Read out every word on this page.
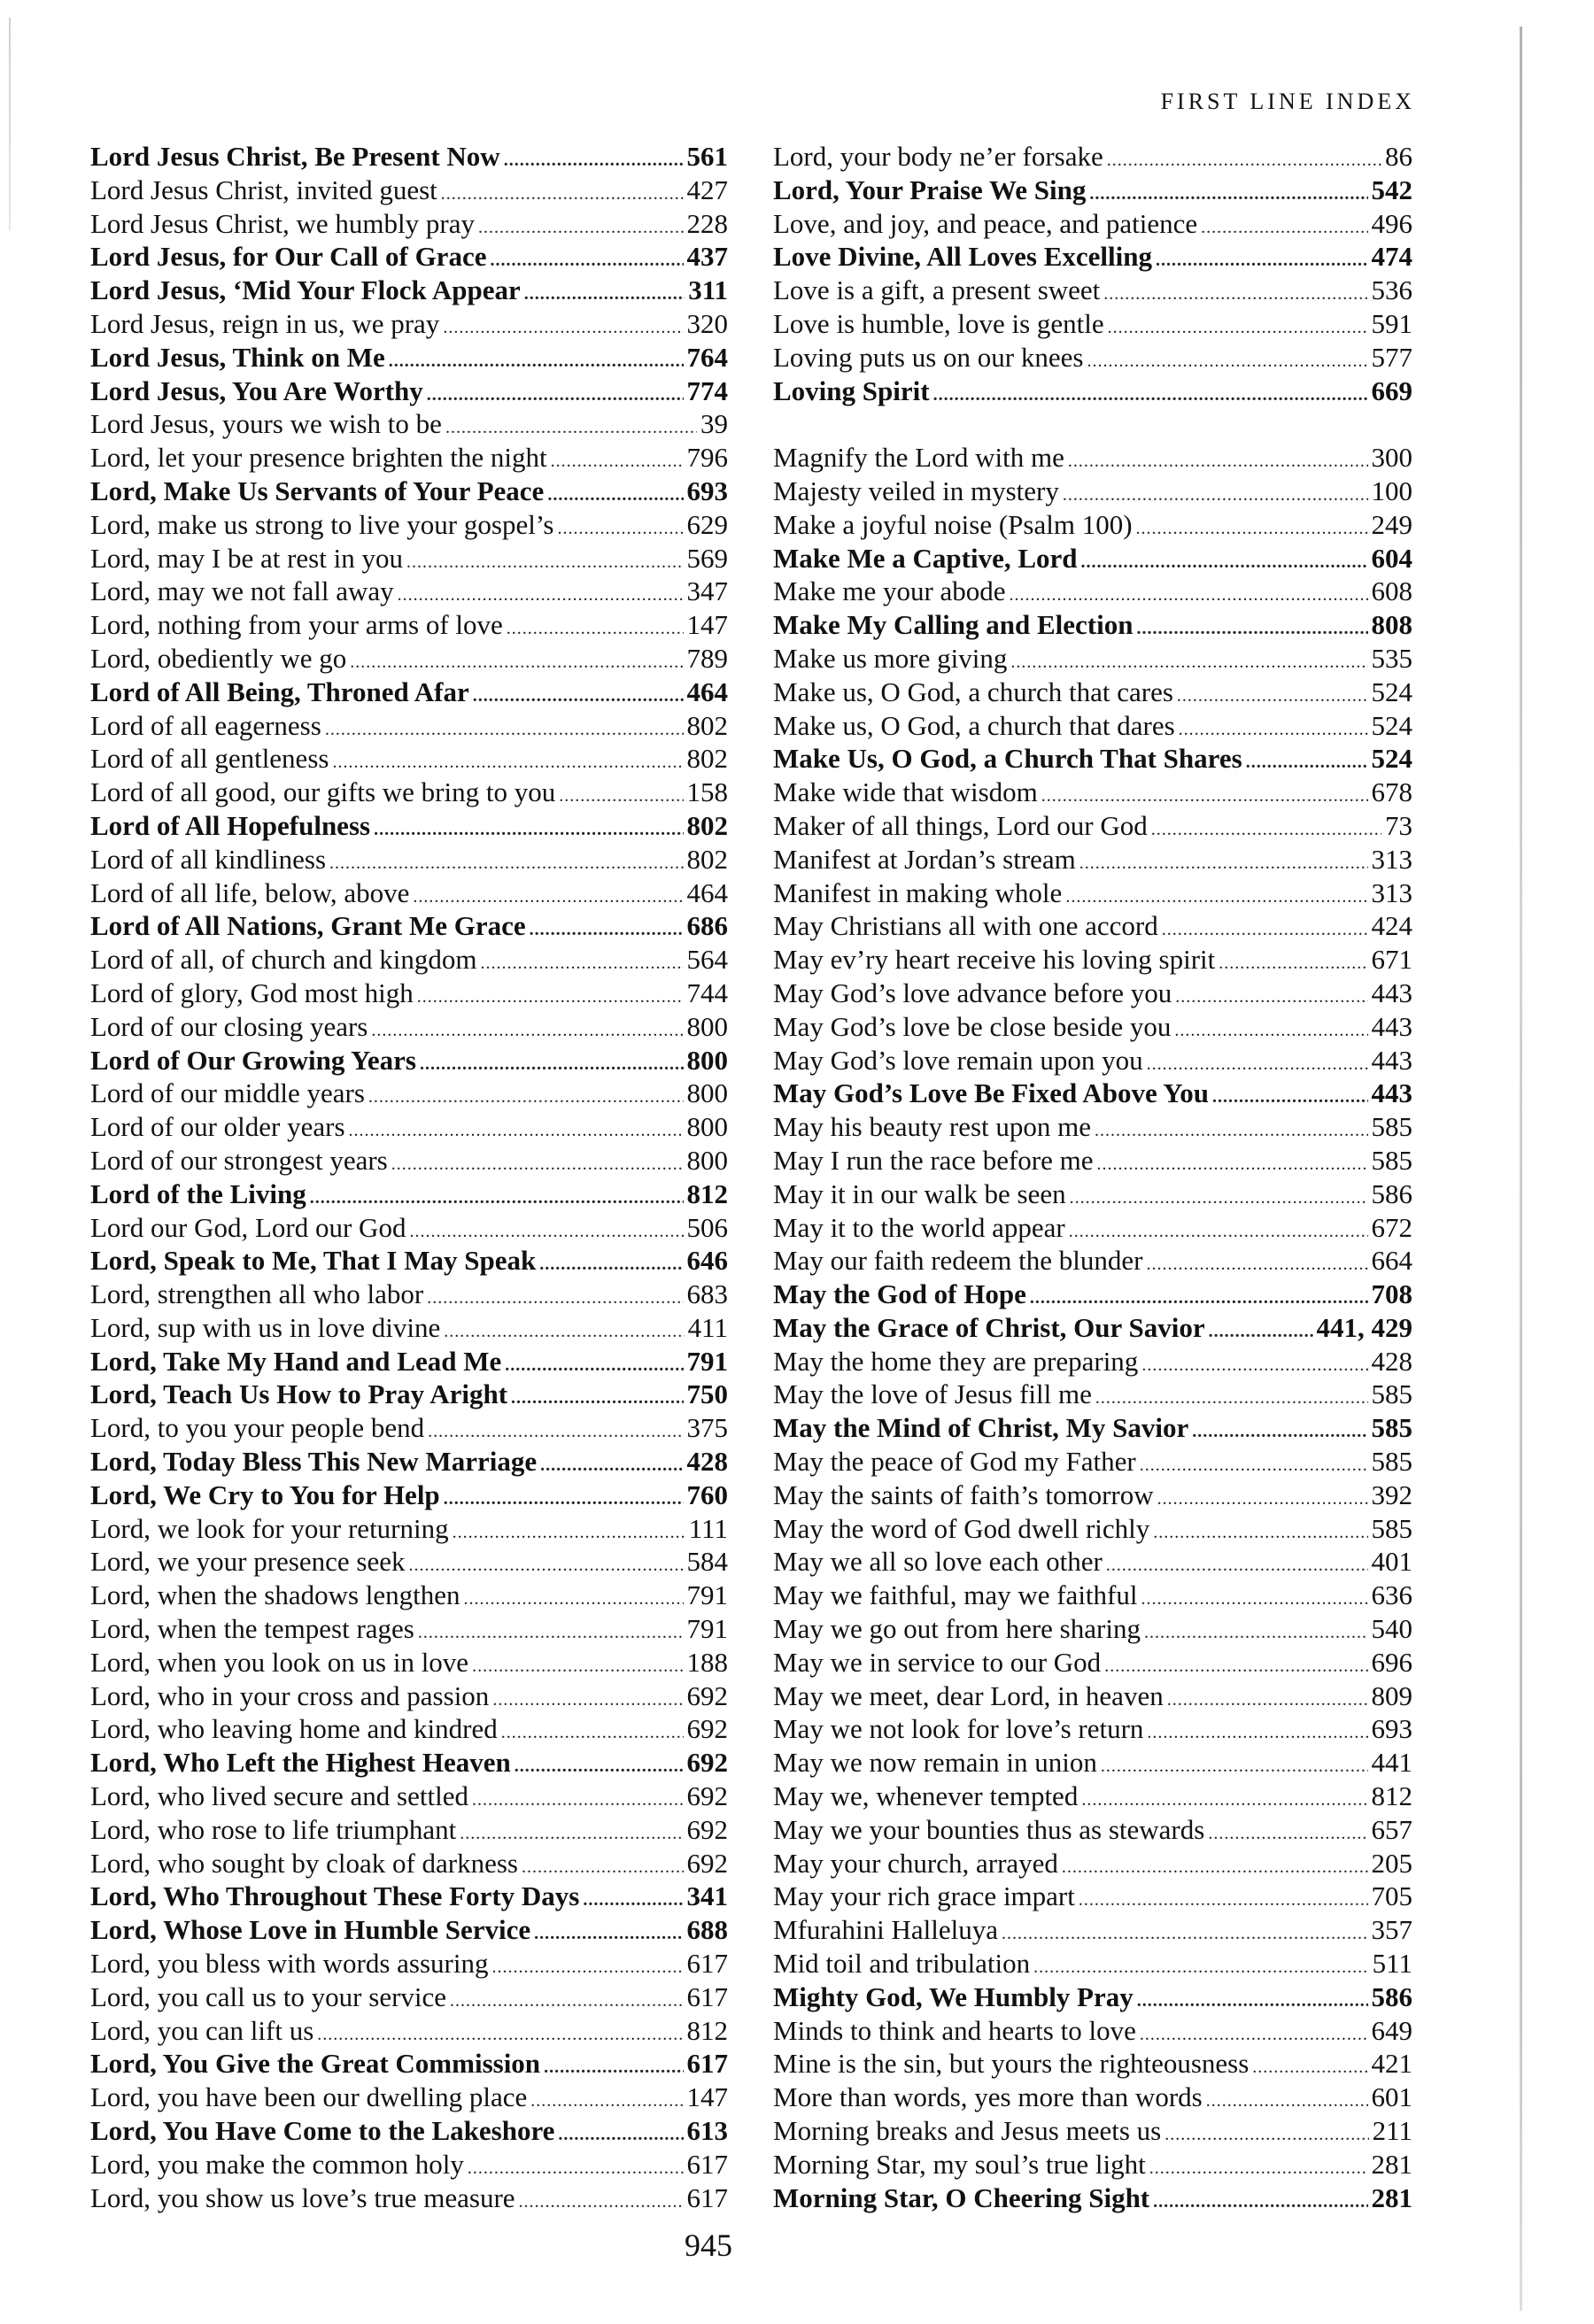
FIRST LINE INDEX
Lord Jesus Christ, Be Present Now .....	561
Lord Jesus Christ, invited guest .....	427
Lord Jesus Christ, we humbly pray .....	228
Lord Jesus, for Our Call of Grace .....	437
Lord Jesus, ‘Mid Your Flock Appear .....	311
Lord Jesus, reign in us, we pray .....	320
Lord Jesus, Think on Me .....	764
Lord Jesus, You Are Worthy .....	774
Lord Jesus, yours we wish to be .....	39
Lord, let your presence brighten the night .....	796
Lord, Make Us Servants of Your Peace .....	693
Lord, make us strong to live your gospel’s .....	629
Lord, may I be at rest in you .....	569
Lord, may we not fall away .....	347
Lord, nothing from your arms of love .....	147
Lord, obediently we go .....	789
Lord of All Being, Throned Afar .....	464
Lord of all eagerness .....	802
Lord of all gentleness .....	802
Lord of all good, our gifts we bring to you .....	158
Lord of All Hopefulness .....	802
Lord of all kindliness .....	802
Lord of all life, below, above .....	464
Lord of All Nations, Grant Me Grace .....	686
Lord of all, of church and kingdom .....	564
Lord of glory, God most high .....	744
Lord of our closing years .....	800
Lord of Our Growing Years .....	800
Lord of our middle years .....	800
Lord of our older years .....	800
Lord of our strongest years .....	800
Lord of the Living .....	812
Lord our God, Lord our God .....	506
Lord, Speak to Me, That I May Speak .....	646
Lord, strengthen all who labor .....	683
Lord, sup with us in love divine .....	411
Lord, Take My Hand and Lead Me .....	791
Lord, Teach Us How to Pray Aright .....	750
Lord, to you your people bend .....	375
Lord, Today Bless This New Marriage .....	428
Lord, We Cry to You for Help .....	760
Lord, we look for your returning .....	111
Lord, we your presence seek .....	584
Lord, when the shadows lengthen .....	791
Lord, when the tempest rages .....	791
Lord, when you look on us in love .....	188
Lord, who in your cross and passion .....	692
Lord, who leaving home and kindred .....	692
Lord, Who Left the Highest Heaven .....	692
Lord, who lived secure and settled .....	692
Lord, who rose to life triumphant .....	692
Lord, who sought by cloak of darkness .....	692
Lord, Who Throughout These Forty Days .....	341
Lord, Whose Love in Humble Service .....	688
Lord, you bless with words assuring .....	617
Lord, you call us to your service .....	617
Lord, you can lift us .....	812
Lord, You Give the Great Commission .....	617
Lord, you have been our dwelling place .....	147
Lord, You Have Come to the Lakeshore .....	613
Lord, you make the common holy .....	617
Lord, you show us love’s true measure .....	617
Lord, your body ne’er forsake .....	86
Lord, Your Praise We Sing .....	542
Love, and joy, and peace, and patience .....	496
Love Divine, All Loves Excelling .....	474
Love is a gift, a present sweet .....	536
Love is humble, love is gentle .....	591
Loving puts us on our knees .....	577
Loving Spirit .....	669
Magnify the Lord with me .....	300
Majesty veiled in mystery .....	100
Make a joyful noise (Psalm 100) .....	249
Make Me a Captive, Lord .....	604
Make me your abode .....	608
Make My Calling and Election .....	808
Make us more giving .....	535
Make us, O God, a church that cares .....	524
Make us, O God, a church that dares .....	524
Make Us, O God, a Church That Shares .....	524
Make wide that wisdom .....	678
Maker of all things, Lord our God .....	73
Manifest at Jordan’s stream .....	313
Manifest in making whole .....	313
May Christians all with one accord .....	424
May ev’ry heart receive his loving spirit .....	671
May God’s love advance before you .....	443
May God’s love be close beside you .....	443
May God’s love remain upon you .....	443
May God’s Love Be Fixed Above You .....	443
May his beauty rest upon me .....	585
May I run the race before me .....	585
May it in our walk be seen .....	586
May it to the world appear .....	672
May our faith redeem the blunder .....	664
May the God of Hope .....	708
May the Grace of Christ, Our Savior .....	441, 429
May the home they are preparing .....	428
May the love of Jesus fill me .....	585
May the Mind of Christ, My Savior .....	585
May the peace of God my Father .....	585
May the saints of faith’s tomorrow .....	392
May the word of God dwell richly .....	585
May we all so love each other .....	401
May we faithful, may we faithful .....	636
May we go out from here sharing .....	540
May we in service to our God .....	696
May we meet, dear Lord, in heaven .....	809
May we not look for love’s return .....	693
May we now remain in union .....	441
May we, whenever tempted .....	812
May we your bounties thus as stewards .....	657
May your church, arrayed .....	205
May your rich grace impart .....	705
Mfurahini Halleluya .....	357
Mid toil and tribulation .....	511
Mighty God, We Humbly Pray .....	586
Minds to think and hearts to love .....	649
Mine is the sin, but yours the righteousness .....	421
More than words, yes more than words .....	601
Morning breaks and Jesus meets us .....	211
Morning Star, my soul’s true light .....	281
Morning Star, O Cheering Sight .....	281
945
